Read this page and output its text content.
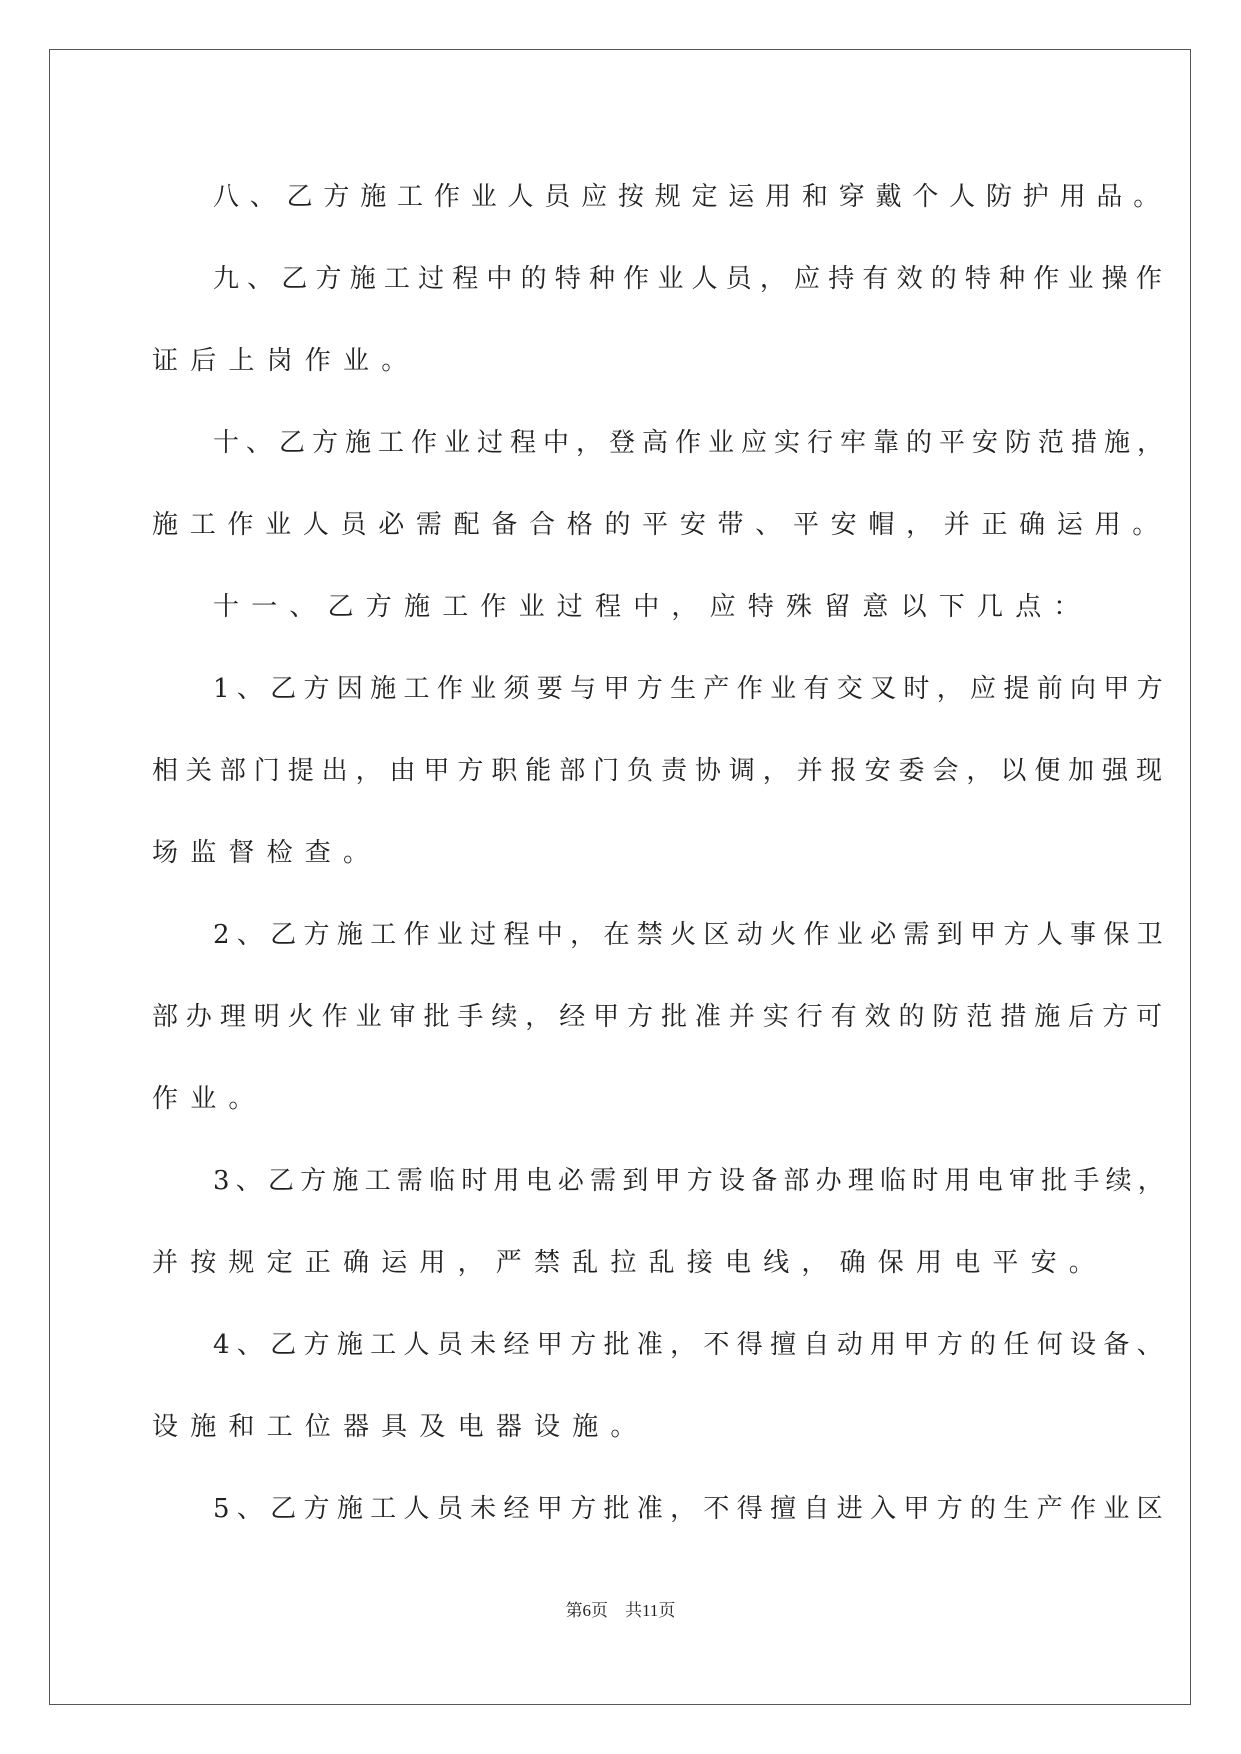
八、乙方施工作业人员应按规定运用和穿戴个人防护用品。
九、乙方施工过程中的特种作业人员，应持有效的特种作业操作
证后上岗作业。
十、乙方施工作业过程中，登高作业应实行牢靠的平安防范措施，
施工作业人员必需配备合格的平安带、平安帽，并正确运用。
十一、乙方施工作业过程中，应特殊留意以下几点：
1、乙方因施工作业须要与甲方生产作业有交叉时，应提前向甲方
相关部门提出，由甲方职能部门负责协调，并报安委会，以便加强现
场监督检查。
2、乙方施工作业过程中，在禁火区动火作业必需到甲方人事保卫
部办理明火作业审批手续，经甲方批准并实行有效的防范措施后方可
作业。
3、乙方施工需临时用电必需到甲方设备部办理临时用电审批手续，
并按规定正确运用，严禁乱拉乱接电线，确保用电平安。
4、乙方施工人员未经甲方批准，不得擅自动用甲方的任何设备、
设施和工位器具及电器设施。
5、乙方施工人员未经甲方批准，不得擅自进入甲方的生产作业区
第6页 共11页
